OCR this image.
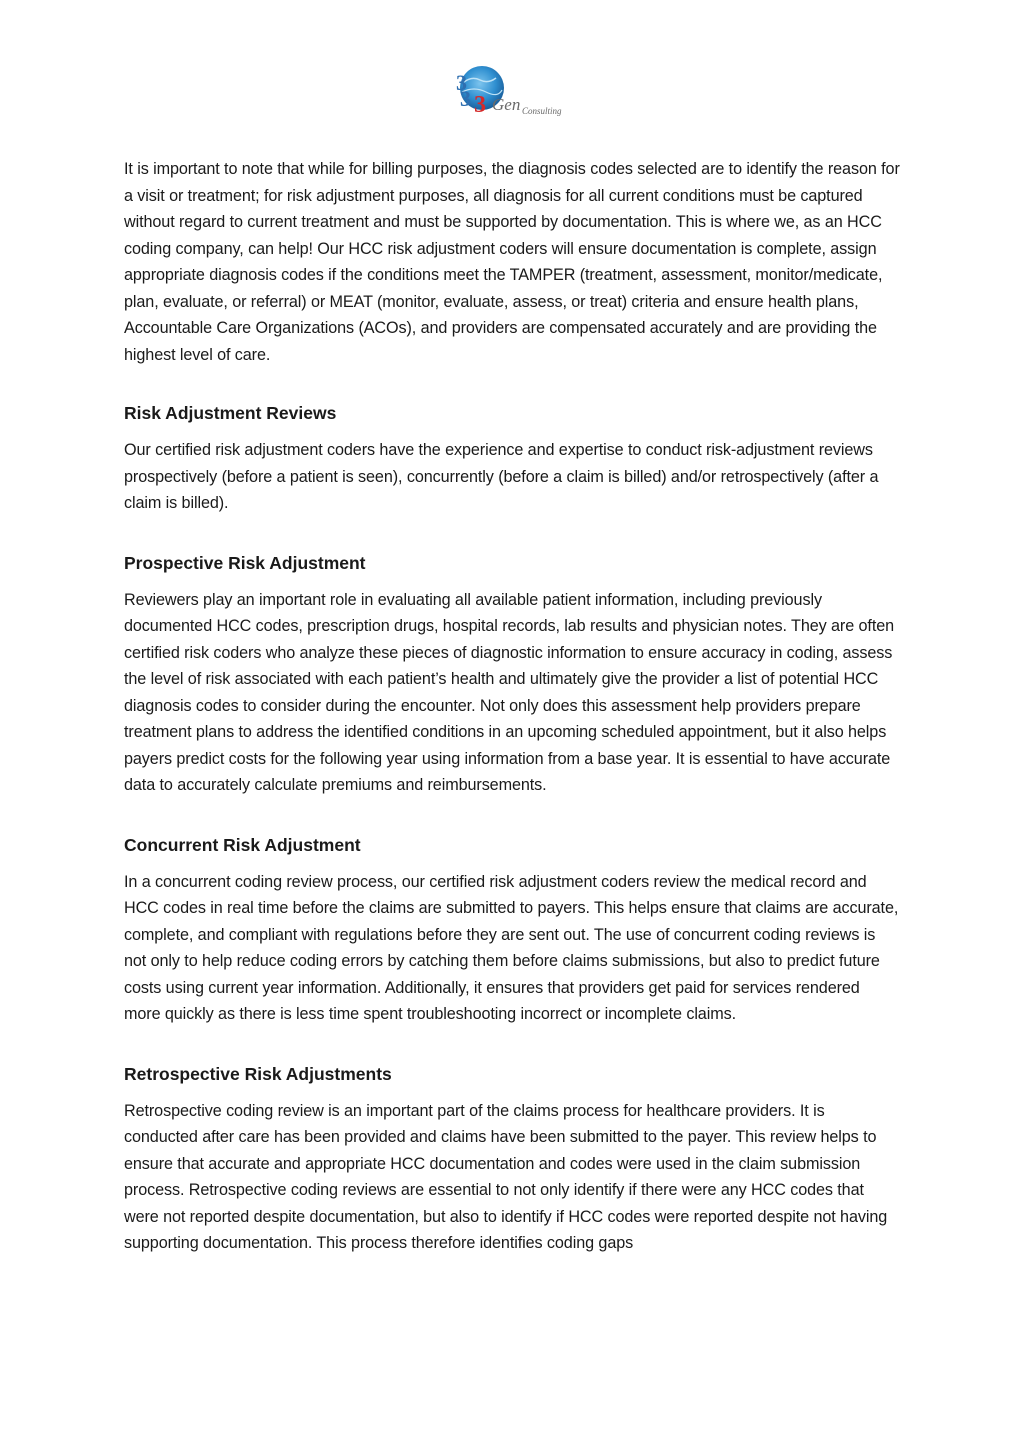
3
3 3 Gen Consulting

It is important to note that while for billing purposes, the diagnosis codes selected are to identify the reason for a visit or treatment; for risk adjustment purposes, all diagnosis for all current conditions must be captured without regard to current treatment and must be supported by documentation. This is where we, as an HCC coding company, can help! Our HCC risk adjustment coders will ensure documentation is complete, assign appropriate diagnosis codes if the conditions meet the TAMPER (treatment, assessment, monitor/medicate, plan, evaluate, or referral) or MEAT (monitor, evaluate, assess, or treat) criteria and ensure health plans, Accountable Care Organizations (ACOs), and providers are compensated accurately and are providing the highest level of care.

Risk Adjustment Reviews

Our certified risk adjustment coders have the experience and expertise to conduct risk-adjustment reviews prospectively (before a patient is seen), concurrently (before a claim is billed) and/or retrospectively (after a claim is billed).

Prospective Risk Adjustment

Reviewers play an important role in evaluating all available patient information, including previously documented HCC codes, prescription drugs, hospital records, lab results and physician notes. They are often certified risk coders who analyze these pieces of diagnostic information to ensure accuracy in coding, assess the level of risk associated with each patient’s health and ultimately give the provider a list of potential HCC diagnosis codes to consider during the encounter. Not only does this assessment help providers prepare treatment plans to address the identified conditions in an upcoming scheduled appointment, but it also helps payers predict costs for the following year using information from a base year. It is essential to have accurate data to accurately calculate premiums and reimbursements.

Concurrent Risk Adjustment

In a concurrent coding review process, our certified risk adjustment coders review the medical record and HCC codes in real time before the claims are submitted to payers. This helps ensure that claims are accurate, complete, and compliant with regulations before they are sent out. The use of concurrent coding reviews is not only to help reduce coding errors by catching them before claims submissions, but also to predict future costs using current year information. Additionally, it ensures that providers get paid for services rendered more quickly as there is less time spent troubleshooting incorrect or incomplete claims.

Retrospective Risk Adjustments

Retrospective coding review is an important part of the claims process for healthcare providers. It is conducted after care has been provided and claims have been submitted to the payer. This review helps to ensure that accurate and appropriate HCC documentation and codes were used in the claim submission process. Retrospective coding reviews are essential to not only identify if there were any HCC codes that were not reported despite documentation, but also to identify if HCC codes were reported despite not having supporting documentation. This process therefore identifies coding gaps
